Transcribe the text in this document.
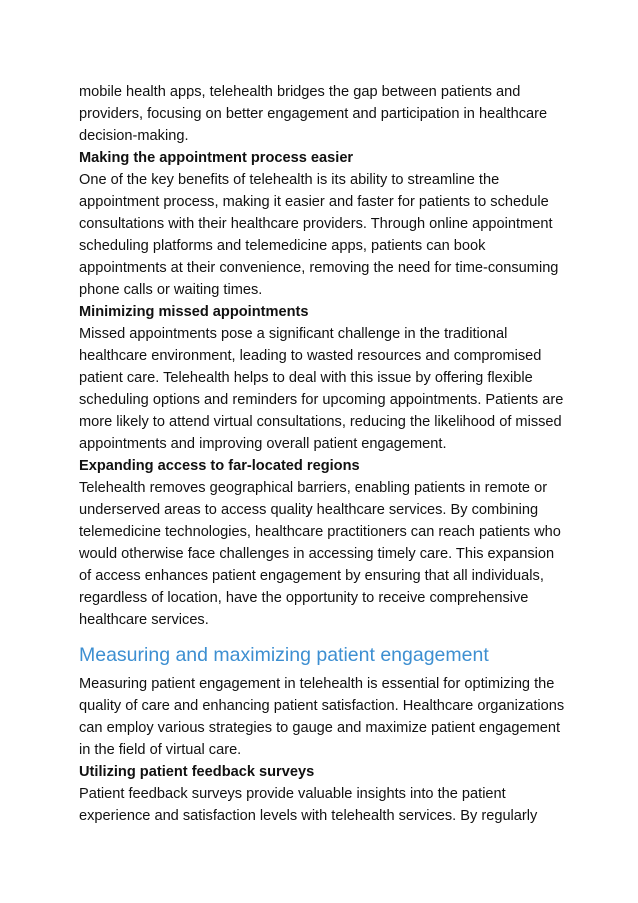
mobile health apps, telehealth bridges the gap between patients and
providers, focusing on better engagement and participation in healthcare
decision-making.

Making the appointment process easier

One of the key benefits of telehealth is its ability to streamline the
appointment process, making it easier and faster for patients to schedule
consultations with their healthcare providers. Through online appointment
scheduling platforms and telemedicine apps, patients can book
appointments at their convenience, removing the need for time-consuming
phone calls or waiting times.

Minimizing missed appointments

Missed appointments pose a significant challenge in the traditional
healthcare environment, leading to wasted resources and compromised
patient care. Telehealth helps to deal with this issue by offering flexible
scheduling options and reminders for upcoming appointments. Patients are
more likely to attend virtual consultations, reducing the likelihood of missed
appointments and improving overall patient engagement.

Expanding access to far-located regions

Telehealth removes geographical barriers, enabling patients in remote or
underserved areas to access quality healthcare services. By combining
telemedicine technologies, healthcare practitioners can reach patients who
would otherwise face challenges in accessing timely care. This expansion
of access enhances patient engagement by ensuring that all individuals,
regardless of location, have the opportunity to receive comprehensive
healthcare services.

Measuring and maximizing patient engagement

Measuring patient engagement in telehealth is essential for optimizing the
quality of care and enhancing patient satisfaction. Healthcare organizations
can employ various strategies to gauge and maximize patient engagement
in the field of virtual care.

Utilizing patient feedback surveys

Patient feedback surveys provide valuable insights into the patient
experience and satisfaction levels with telehealth services. By regularly
